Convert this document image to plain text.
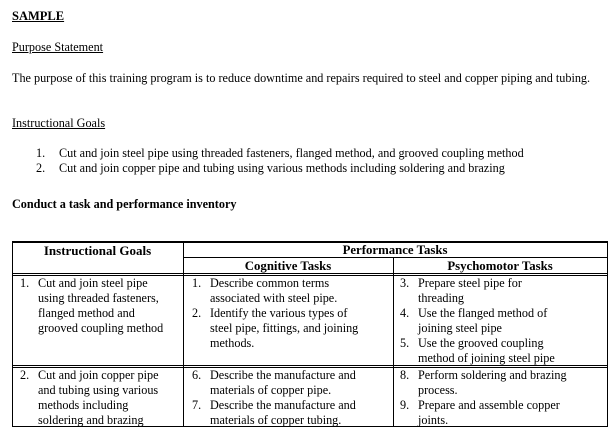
SAMPLE
Purpose Statement
The purpose of this training program is to reduce downtime and repairs required to steel and copper piping and tubing.
Instructional Goals
1. Cut and join steel pipe using threaded fasteners, flanged method, and grooved coupling method
2. Cut and join copper pipe and tubing using various methods including soldering and brazing
Conduct a task and performance inventory
Instructional Goals	Performance Tasks
Cognitive Tasks	Psychomotor Tasks
1. Cut and join steel pipe
using threaded fasteners,
flanged method and
grooved coupling method
1. Describe common terms
associated with steel pipe.
2. Identify the various types of
steel pipe, fittings, and joining
methods.
3. Prepare steel pipe for
threading
4. Use the flanged method of
joining steel pipe
5. Use the grooved coupling
method of joining steel pipe
2. Cut and join copper pipe
and tubing using various
methods including
soldering and brazing
6. Describe the manufacture and
materials of copper pipe.
7. Describe the manufacture and
materials of copper tubing.
8. Perform soldering and brazing
process.
9. Prepare and assemble copper
joints.
